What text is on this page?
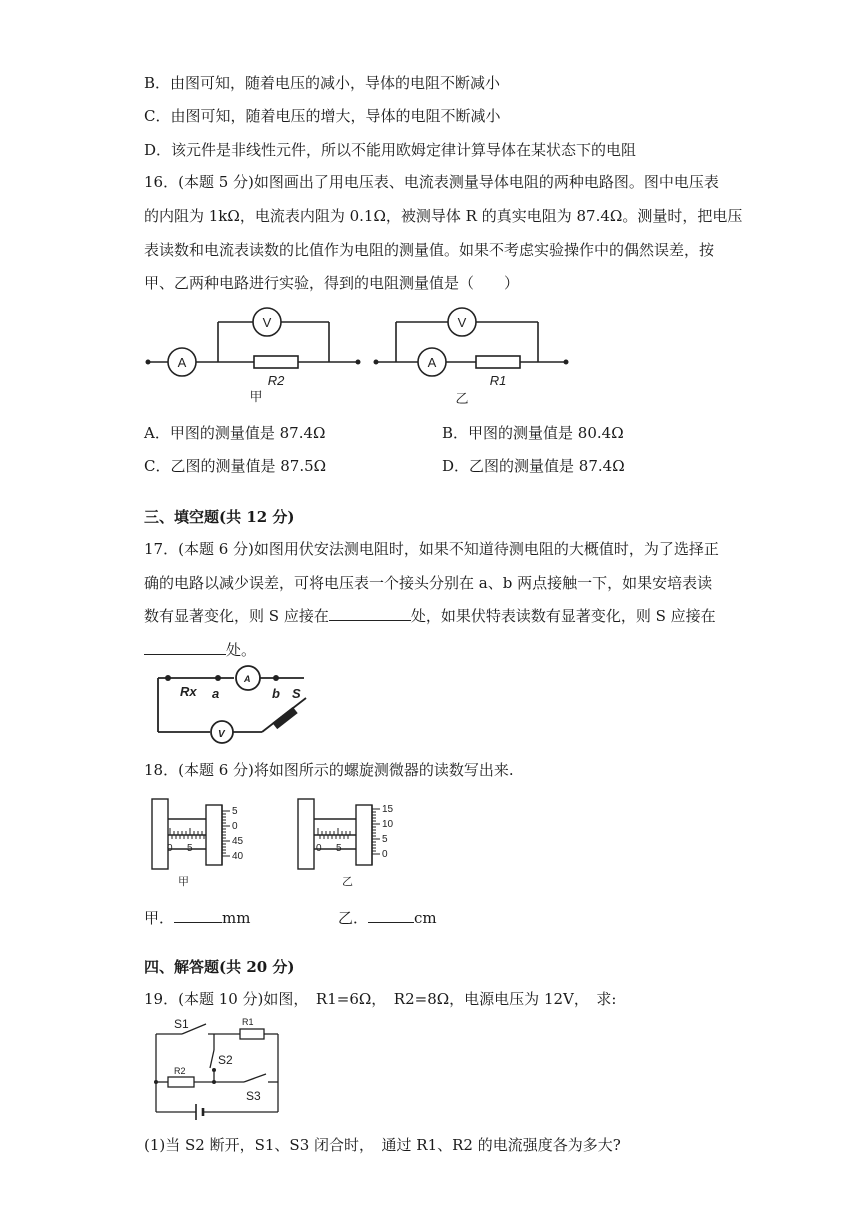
B．由图可知，随着电压的减小，导体的电阻不断减小
C．由图可知，随着电压的增大，导体的电阻不断减小
D．该元件是非线性元件，所以不能用欧姆定律计算导体在某状态下的电阻
16．(本题 5 分)如图画出了用电压表、电流表测量导体电阻的两种电路图。图中电压表
的内阻为 1kΩ，电流表内阻为 0.1Ω，被测导体 R 的真实电阻为 87.4Ω。测量时，把电压
表读数和电流表读数的比值作为电阻的测量值。如果不考虑实验操作中的偶然误差，按
甲、乙两种电路进行实验，得到的电阻测量值是（　　）
A
V
R2
甲
A
V
R1
乙
A．甲图的测量值是 87.4Ω	B．甲图的测量值是 80.4Ω
C．乙图的测量值是 87.5Ω	D．乙图的测量值是 87.4Ω
三、填空题(共 12 分)
17．(本题 6 分)如图用伏安法测电阻时，如果不知道待测电阻的大概值时，为了选择正
确的电路以减少误差，可将电压表一个接头分别在 a、b 两点接触一下，如果安培表读
数有显著变化，则 S 应接在	处，如果伏特表读数有显著变化，则 S 应接在
处。
Rx a	b S
A
V
18．(本题 6 分)将如图所示的螺旋测微器的读数写出来.
5
0
45
40
0 5
甲
15
10
5
0
0 5
乙
甲．	mm	乙．	cm
四、解答题(共 20 分)
19．(本题 10 分)如图，　R1=6Ω，　R2=8Ω，电源电压为 12V，　求:
S1	R1
S2
R2
S3
(1)当 S2 断开，S1、S3 闭合时，　通过 R1、R2 的电流强度各为多大?
